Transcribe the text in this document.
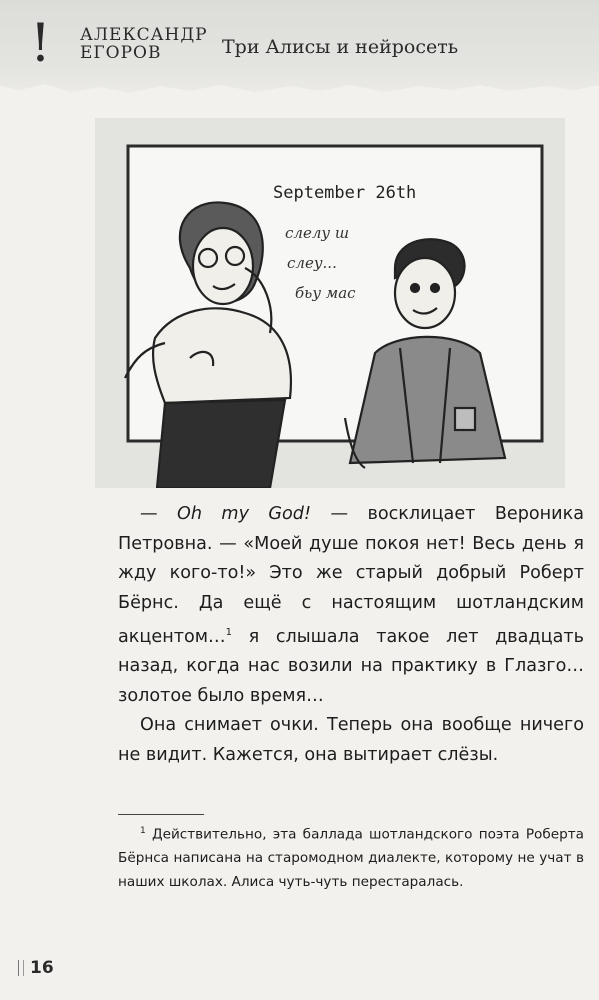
! АЛЕКСАНДР
ЕГОРОВ	Три Алисы и нейросеть
September 26th
слелу ш
слеу...
бьу мас

— Oh my God! — восклицает Вероника Петровна. — «Моей душе покоя нет! Весь день я жду кого-то!» Это же старый добрый Роберт Бёрнс. Да ещё с настоящим шотландским акцентом…$^1$ я слышала такое лет двадцать назад, когда нас возили на практику в Глазго… золотое было время…

Она снимает очки. Теперь она вообще ничего не видит. Кажется, она вытирает слёзы.

$^1$ Действительно, эта баллада шотландского поэта Роберта Бёрнса написана на старомодном диалекте, которому не учат в наших школах. Алиса чуть-чуть перестаралась.
16
